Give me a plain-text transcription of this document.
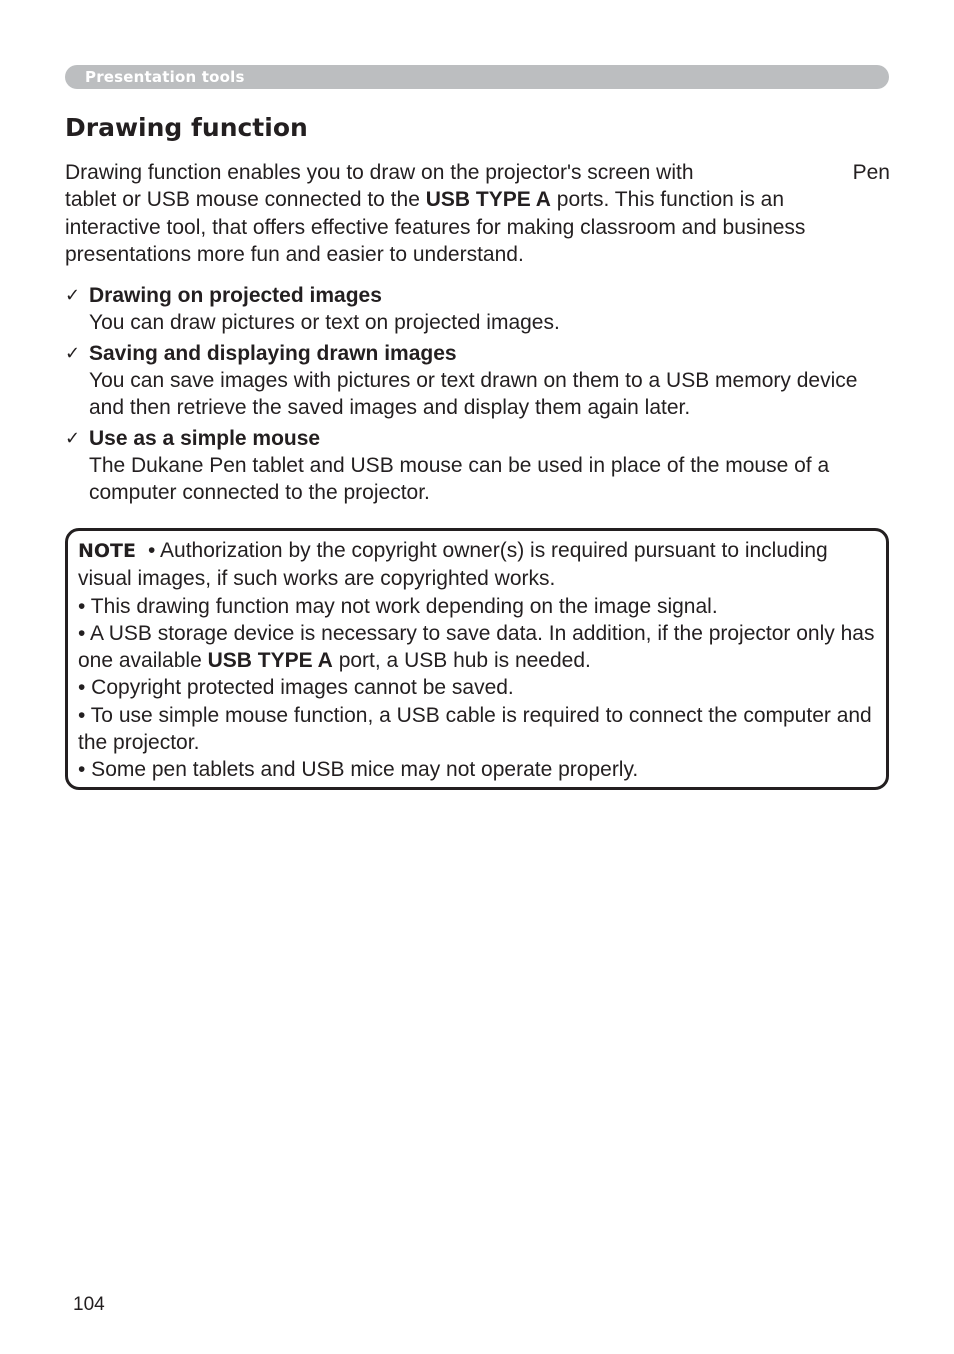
Presentation tools
Drawing function
Drawing function enables you to draw on the projector's screen with	Pen
tablet or USB mouse connected to the USB TYPE A ports. This function is an
interactive tool, that offers effective features for making classroom and business
presentations more fun and easier to understand.
✓ Drawing on projected images
You can draw pictures or text on projected images.
✓ Saving and displaying drawn images
You can save images with pictures or text drawn on them to a USB memory device and then retrieve the saved images and display them again later.
✓ Use as a simple mouse
The Dukane Pen tablet and USB mouse can be used in place of the mouse of a computer connected to the projector.
NOTE • Authorization by the copyright owner(s) is required pursuant to including visual images, if such works are copyrighted works.
• This drawing function may not work depending on the image signal.
• A USB storage device is necessary to save data. In addition, if the projector only has one available USB TYPE A port, a USB hub is needed.
• Copyright protected images cannot be saved.
• To use simple mouse function, a USB cable is required to connect the computer and the projector.
• Some pen tablets and USB mice may not operate properly.
104
